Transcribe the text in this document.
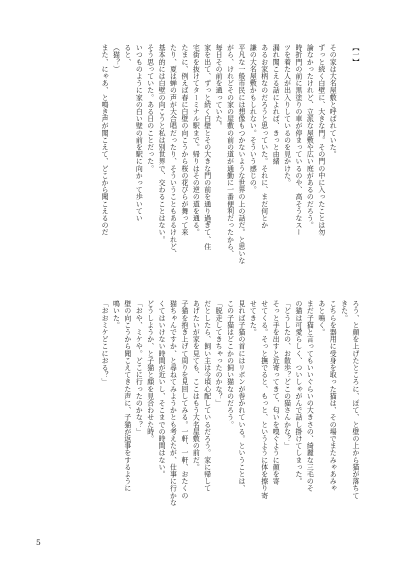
【一】

その家は大名屋敷と呼ばれていた。

ずっと続く白壁に、大きな門。その門の中に入ったことは勿

論なかったけれど、立派な屋敷や広い庭があるのだろう。

時折門の前に黒塗りの車が停まっているのや、高そうなスー

ツを着た人が出入りしているのを見かけた。

漏れ聞こえる話によれば、きっと由緒

あるお家柄なのだろうと思っていた。それに、まだ何とか

謙の大名屋敷かもしれない。そういう感じの。

平凡な一般市民には想像もつかないような世界の上の話だ。と思いな

がら、けれどその家の屋敷の前の道が通勤に一番便利だったから、

毎日その前を通っていた。

家を出て、ずっと続く白壁とその大きな門の前を通り過ぎて、住

宅街を抜けてターミナル駅まで。帰りはその逆の道を通る。

たまに、例えば春に白壁の向こうから桜の花びらが舞って来

たり、夏は蝉の声が大合唱だったり、そういうこともあるけれど、

基本的には白壁の向こうと私は別世界で、交わることはない。

そう思っていた。ある日のことだった。

いつものように家の白い壁の前を駅に向かって歩いてい

ると、

（猫？）

また、にゃあ、と鳴き声が聞こえて、どこから聞こえるのだ

ろう、と顔を上げたところに、ぽて、と壁の上から猫が落ちて

きた。

こちらを器用に受身を取った猫は、その場でまたみゃあみゃ

あと鳴く。

まだ子猫と言ってもいいぐらいの大きさの、綺麗な三毛のそ

の猫は可愛らしく、ついしゃがんで話し掛けてしまった。

「どうしたの、お散歩？どこの猫さんかな？」

そっと手を出すと近寄ってきて、匂いを嗅ぐように顔を寄

せてくる。そっと撫でると、もっと、というように体を擦り寄

せてきた。

見れば子猫の首にはリボンが巻かれている。ということは、

この子猫はどこかの飼い猫なのだろう。

「脱走してきちゃったのかな？」

だとしたら、飼い主は今頃心配しているだろう。家に帰して

あげたいが家を見ても、ここはもう大名屋敷の前だ。

子猫を抱き上げて周りを見回してみる。一軒、一軒、おたくの

猫ちゃんですか、と尋ねてみようかとも考えたが、仕事に行かな

くてはいけない時間が近いし、そこまでの時間はない。

どうしようか、と子猫と顔を見合わせた時。

「おや、ミケや。どこに行ったのかな？」

壁の向こうから聞こえてきた声に、子猫が返事をするように

鳴いた。

「おおミケどこにおる？」

5
